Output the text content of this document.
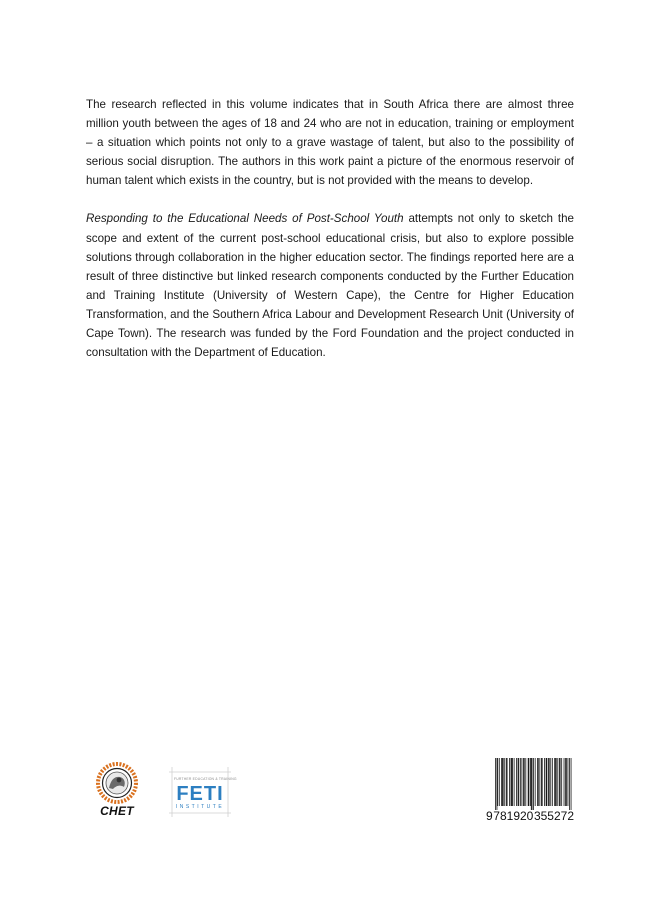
The research reflected in this volume indicates that in South Africa there are almost three million youth between the ages of 18 and 24 who are not in education, training or employment – a situation which points not only to a grave wastage of talent, but also to the possibility of serious social disruption. The authors in this work paint a picture of the enormous reservoir of human talent which exists in the country, but is not provided with the means to develop.

Responding to the Educational Needs of Post-School Youth attempts not only to sketch the scope and extent of the current post-school educational crisis, but also to explore possible solutions through collaboration in the higher education sector. The findings reported here are a result of three distinctive but linked research components conducted by the Further Education and Training Institute (University of Western Cape), the Centre for Higher Education Transformation, and the Southern Africa Labour and Development Research Unit (University of Cape Town). The research was funded by the Ford Foundation and the project conducted in consultation with the Department of Education.

CHET
FURTHER EDUCATION & TRAINING
FETI
INSTITUTE
9 781920 355272
